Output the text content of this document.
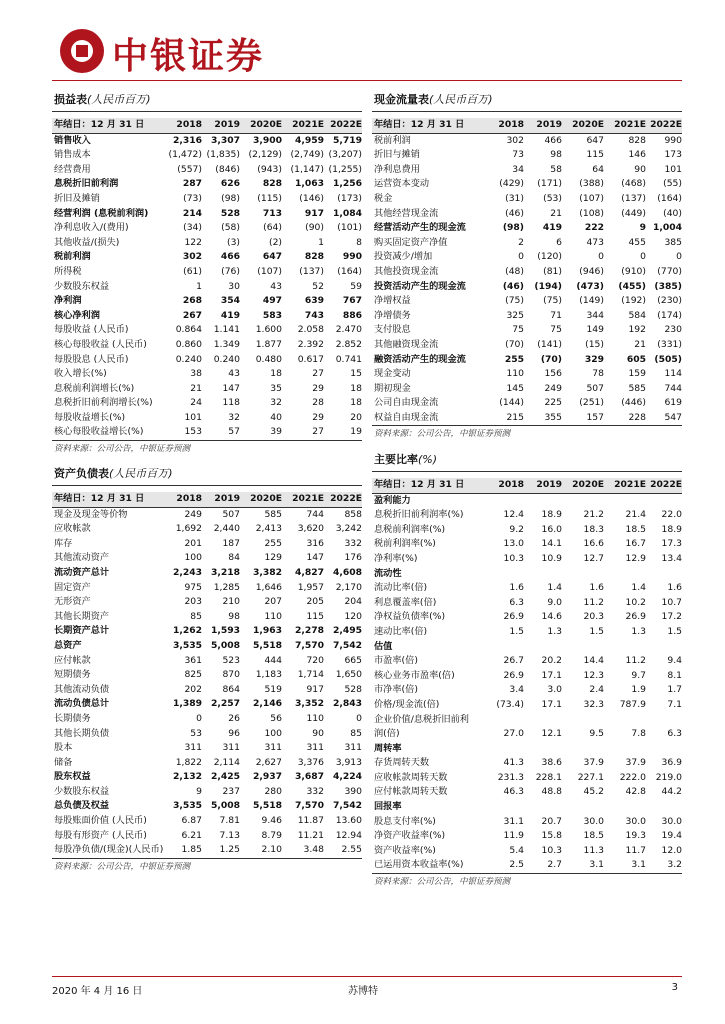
中银证券
损益表(人民币百万)
年结日：12 月 31 日	2018	2019	2020E	2021E	2022E
销售收入	2,316	3,307	3,900	4,959	5,719
销售成本	(1,472)	(1,835)	(2,129)	(2,749)	(3,207)
经营费用	(557)	(846)	(943)	(1,147)	(1,255)
息税折旧前利润	287	626	828	1,063	1,256
折旧及摊销	(73)	(98)	(115)	(146)	(173)
经营利润 (息税前利润)	214	528	713	917	1,084
净利息收入/(费用)	(34)	(58)	(64)	(90)	(101)
其他收益/(损失)	122	(3)	(2)	1	8
税前利润	302	466	647	828	990
所得税	(61)	(76)	(107)	(137)	(164)
少数股东权益	1	30	43	52	59
净利润	268	354	497	639	767
核心净利润	267	419	583	743	886
每股收益 (人民币)	0.864	1.141	1.600	2.058	2.470
核心每股收益 (人民币)	0.860	1.349	1.877	2.392	2.852
每股股息 (人民币)	0.240	0.240	0.480	0.617	0.741
收入增长(%)	38	43	18	27	15
息税前利润增长(%)	21	147	35	29	18
息税折旧前利润增长(%)	24	118	32	28	18
每股收益增长(%)	101	32	40	29	20
核心每股收益增长(%)	153	57	39	27	19
资料来源：公司公告，中银证券预测
资产负债表(人民币百万)
年结日：12 月 31 日	2018	2019	2020E	2021E	2022E
现金及现金等价物	249	507	585	744	858
应收帐款	1,692	2,440	2,413	3,620	3,242
库存	201	187	255	316	332
其他流动资产	100	84	129	147	176
流动资产总计	2,243	3,218	3,382	4,827	4,608
固定资产	975	1,285	1,646	1,957	2,170
无形资产	203	210	207	205	204
其他长期资产	85	98	110	115	120
长期资产总计	1,262	1,593	1,963	2,278	2,495
总资产	3,535	5,008	5,518	7,570	7,542
应付帐款	361	523	444	720	665
短期债务	825	870	1,183	1,714	1,650
其他流动负债	202	864	519	917	528
流动负债总计	1,389	2,257	2,146	3,352	2,843
长期债务	0	26	56	110	0
其他长期负债	53	96	100	90	85
股本	311	311	311	311	311
储备	1,822	2,114	2,627	3,376	3,913
股东权益	2,132	2,425	2,937	3,687	4,224
少数股东权益	9	237	280	332	390
总负债及权益	3,535	5,008	5,518	7,570	7,542
每股账面价值 (人民币)	6.87	7.81	9.46	11.87	13.60
每股有形资产 (人民币)	6.21	7.13	8.79	11.21	12.94
每股净负债/(现金)(人民币)	1.85	1.25	2.10	3.48	2.55
资料来源：公司公告，中银证券预测
现金流量表(人民币百万)
年结日：12 月 31 日	2018	2019	2020E	2021E	2022E
税前利润	302	466	647	828	990
折旧与摊销	73	98	115	146	173
净利息费用	34	58	64	90	101
运营资本变动	(429)	(171)	(388)	(468)	(55)
税金	(31)	(53)	(107)	(137)	(164)
其他经营现金流	(46)	21	(108)	(449)	(40)
经营活动产生的现金流	(98)	419	222	9	1,004
购买固定资产净值	2	6	473	455	385
投资减少/增加	0	(120)	0	0	0
其他投资现金流	(48)	(81)	(946)	(910)	(770)
投资活动产生的现金流	(46)	(194)	(473)	(455)	(385)
净增权益	(75)	(75)	(149)	(192)	(230)
净增债务	325	71	344	584	(174)
支付股息	75	75	149	192	230
其他融资现金流	(70)	(141)	(15)	21	(331)
融资活动产生的现金流	255	(70)	329	605	(505)
现金变动	110	156	78	159	114
期初现金	145	249	507	585	744
公司自由现金流	(144)	225	(251)	(446)	619
权益自由现金流	215	355	157	228	547
资料来源：公司公告，中银证券预测
主要比率(%)
年结日：12 月 31 日	2018	2019	2020E	2021E	2022E
盈利能力					
息税折旧前利润率(%)	12.4	18.9	21.2	21.4	22.0
息税前利润率(%)	9.2	16.0	18.3	18.5	18.9
税前利润率(%)	13.0	14.1	16.6	16.7	17.3
净利率(%)	10.3	10.9	12.7	12.9	13.4
流动性					
流动比率(倍)	1.6	1.4	1.6	1.4	1.6
利息覆盖率(倍)	6.3	9.0	11.2	10.2	10.7
净权益负债率(%)	26.9	14.6	20.3	26.9	17.2
速动比率(倍)	1.5	1.3	1.5	1.3	1.5
估值					
市盈率(倍)	26.7	20.2	14.4	11.2	9.4
核心业务市盈率(倍)	26.9	17.1	12.3	9.7	8.1
市净率(倍)	3.4	3.0	2.4	1.9	1.7
价格/现金流(倍)	(73.4)	17.1	32.3	787.9	7.1
企业价值/息税折旧前利					
润(倍)	27.0	12.1	9.5	7.8	6.3
周转率					
存货周转天数	41.3	38.6	37.9	37.9	36.9
应收帐款周转天数	231.3	228.1	227.1	222.0	219.0
应付帐款周转天数	46.3	48.8	45.2	42.8	44.2
回报率					
股息支付率(%)	31.1	20.7	30.0	30.0	30.0
净资产收益率(%)	11.9	15.8	18.5	19.3	19.4
资产收益率(%)	5.4	10.3	11.3	11.7	12.0
已运用资本收益率(%)	2.5	2.7	3.1	3.1	3.2
资料来源：公司公告，中银证券预测
2020 年 4 月 16 日	苏博特	3
